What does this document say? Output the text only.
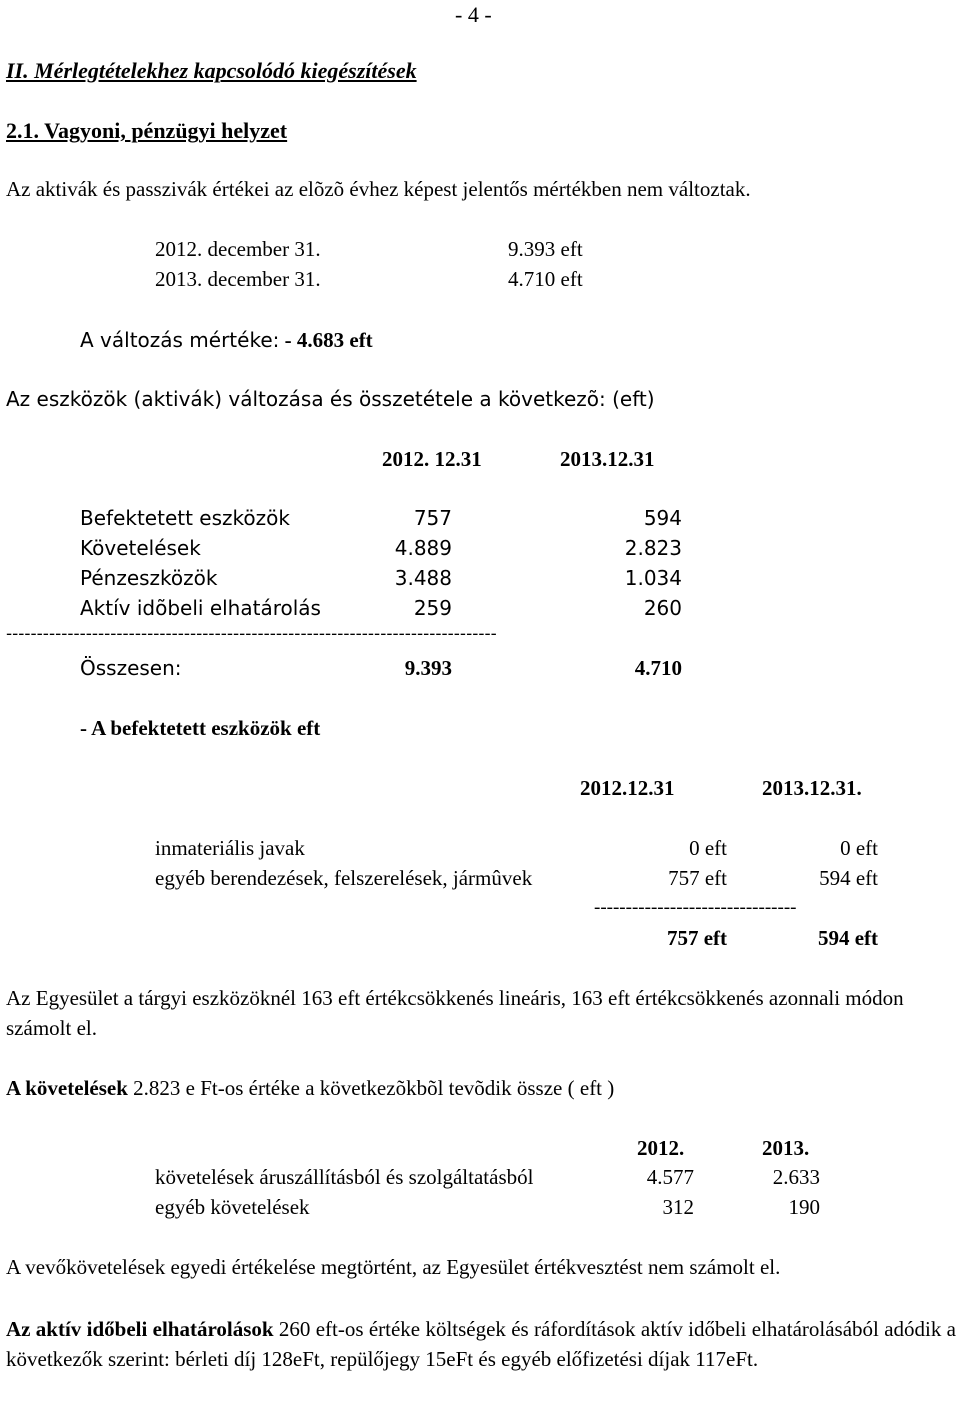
- 4 -
II. Mérlegtételekhez kapcsolódó kiegészítések
2.1. Vagyoni, pénzügyi helyzet
Az aktivák és passzivák értékei az elõzõ évhez képest jelentős mértékben nem változtak.
2012. december 31.	9.393 eft
2013. december 31.	4.710 eft
A változás mértéke: - 4.683 eft
Az eszközök (aktivák) változása és összetétele a következõ: (eft)
2012. 12.31	2013.12.31
Befektetett eszközök	757	594
Követelések	4.889	2.823
Pénzeszközök	3.488	1.034
Aktív idõbeli elhatárolás	259	260
--------------------------------------------------------------------------------
Összesen:	9.393	4.710
- A befektetett eszközök eft
2012.12.31	2013.12.31.
inmateriális javak	0 eft	0 eft
egyéb berendezések, felszerelések, jármûvek	757 eft	594 eft
--------------------------------
757 eft	594 eft
Az Egyesület a tárgyi eszközöknél 163 eft értékcsökkenés lineáris, 163 eft értékcsökkenés azonnali módon számolt el.
A követelések 2.823 e Ft-os értéke a következõkbõl tevõdik össze ( eft )
2012.	2013.
követelések áruszállításból és szolgáltatásból	4.577	2.633
egyéb követelések	312	190
A vevőkövetelések egyedi értékelése megtörtént, az Egyesület értékvesztést nem számolt el.
Az aktív időbeli elhatárolások 260 eft-os értéke költségek és ráfordítások aktív időbeli elhatárolásából adódik a következők szerint: bérleti díj 128eFt, repülőjegy 15eFt és egyéb előfizetési díjak 117eFt.
